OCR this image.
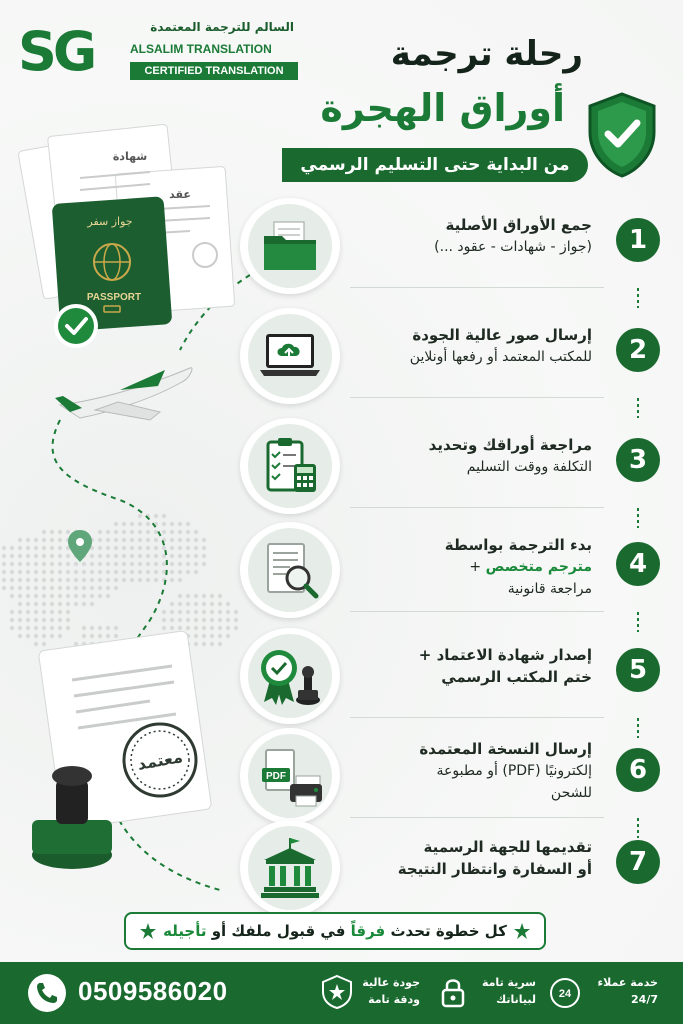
SG	السالم للترجمة المعتمدة
ALSALIM TRANSLATION
CERTIFIED TRANSLATION	رحلة ترجمة
أوراق الهجرة
من البداية حتى التسليم الرسمي
شهادة
عقد
جواز سفر
PASSPORT
معتمد
جمع الأوراق الأصلية
(جواز - شهادات - عقود ...)	1
إرسال صور عالية الجودة
للمكتب المعتمد أو رفعها أونلاين	2
مراجعة أوراقك وتحديد
التكلفة ووقت التسليم	3
بدء الترجمة بواسطة
مترجم متخصص +
مراجعة قانونية
4
إصدار شهادة الاعتماد +
ختم المكتب الرسمي	5
PDF
إرسال النسخة المعتمدة
إلكترونيًا (PDF) أو مطبوعة
للشحن
6
تقديمها للجهة الرسمية
أو السفارة وانتظار النتيجة	7
كل خطوة تحدث فرقاً في قبول ملفك أو تأجيله
0509586020	جودة عالية
ودقة تامة
سرية تامة
لبياناتك 24
خدمة عملاء
24/7
